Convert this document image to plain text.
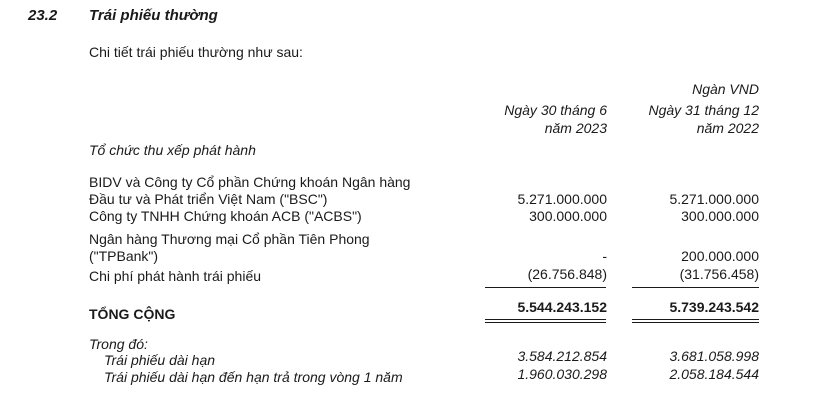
23.2 Trái phiếu thường
Chi tiết trái phiếu thường như sau:
Ngàn VND
Ngày 30 tháng 6
năm 2023
Ngày 31 tháng 12
năm 2022
Tổ chức thu xếp phát hành
BIDV và Công ty Cổ phần Chứng khoán Ngân hàng
Đầu tư và Phát triển Việt Nam ("BSC")	5.271.000.000	5.271.000.000
Công ty TNHH Chứng khoán ACB ("ACBS")	300.000.000	300.000.000
Ngân hàng Thương mại Cổ phần Tiên Phong
("TPBank")	-	200.000.000
Chi phí phát hành trái phiếu	(26.756.848)	(31.756.458)
TỔNG CỘNG	5.544.243.152	5.739.243.542
Trong đó:
Trái phiếu dài hạn	3.584.212.854	3.681.058.998
Trái phiếu dài hạn đến hạn trả trong vòng 1 năm	1.960.030.298	2.058.184.544
